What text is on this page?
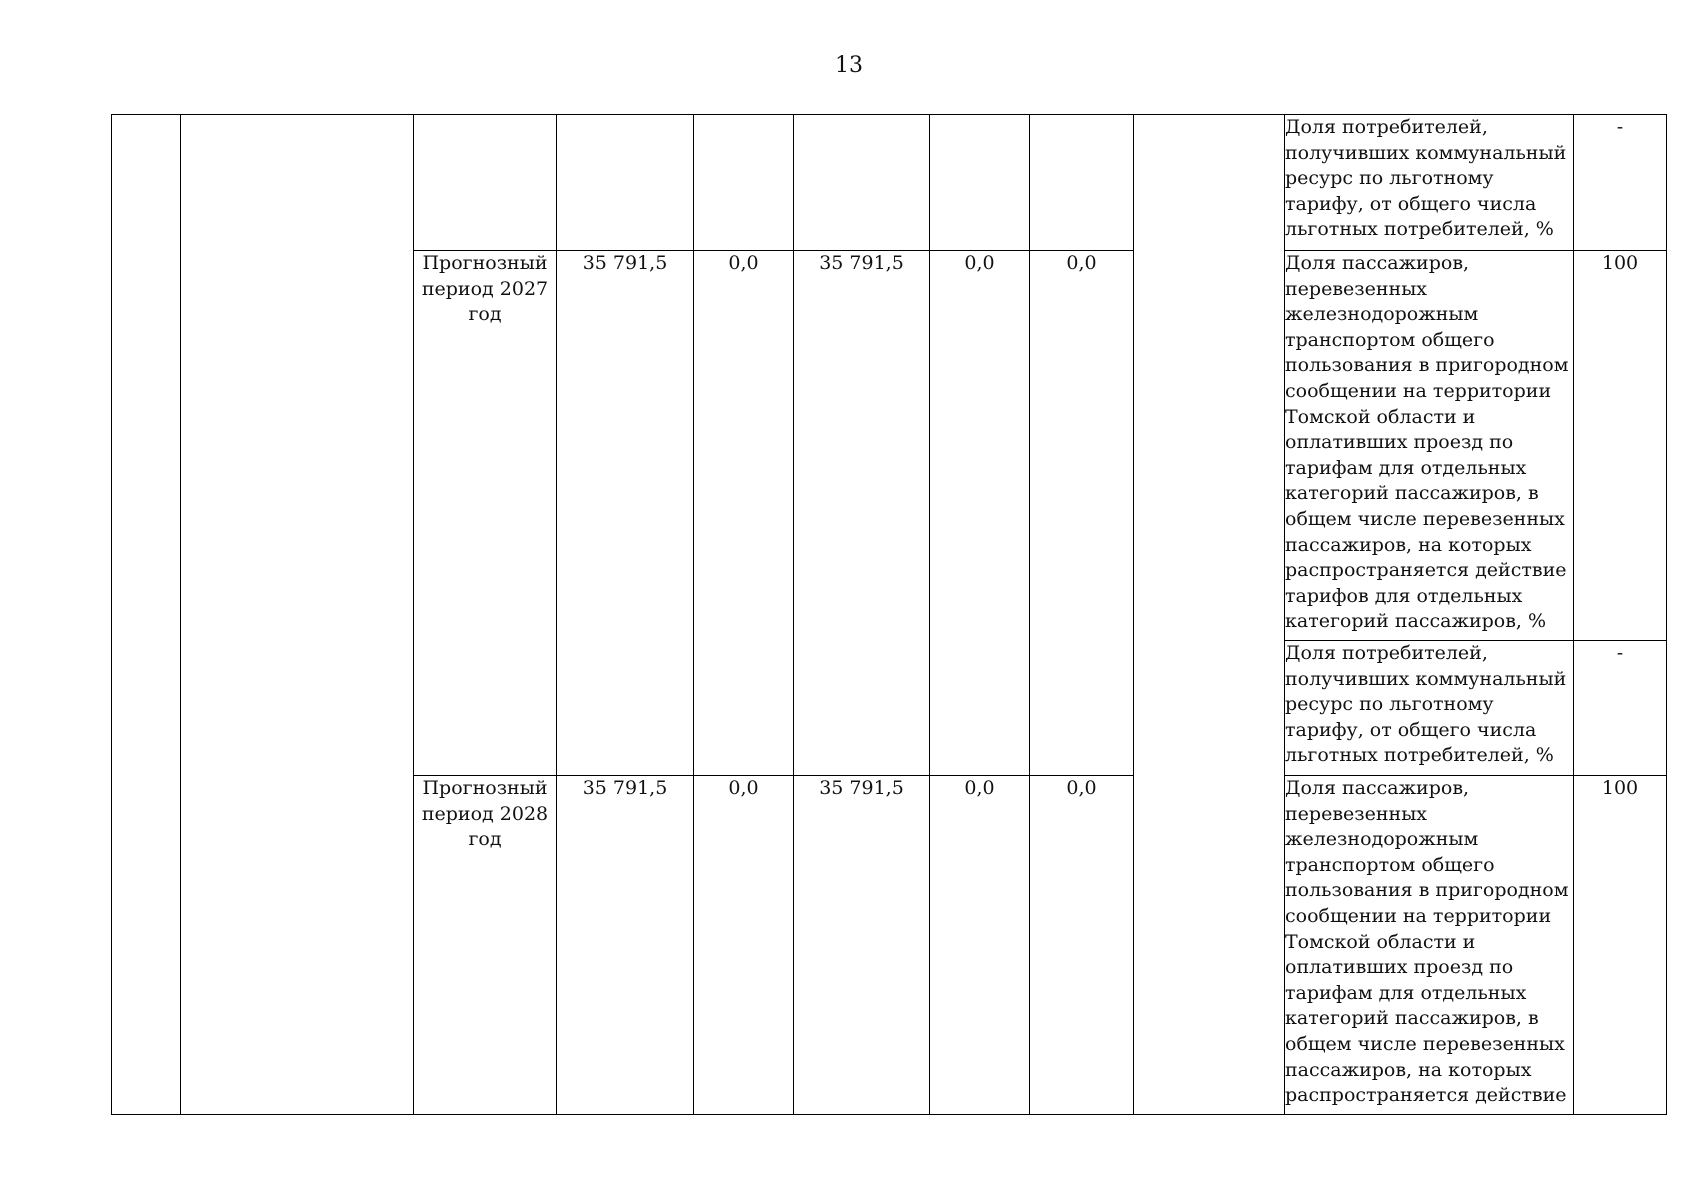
13
									Доля потребителей, получивших коммунальный ресурс по льготному тарифу, от общего числа льготных потребителей, %	-
		Прогнозный период 2027 год	35 791,5	0,0	35 791,5	0,0	0,0		Доля пассажиров, перевезенных железнодорожным транспортом общего пользования в пригородном сообщении на территории Томской области и оплативших проезд по тарифам для отдельных категорий пассажиров, в общем числе перевезенных пассажиров, на которых распространяется действие тарифов для отдельных категорий пассажиров, %	100
									Доля потребителей, получивших коммунальный ресурс по льготному тарифу, от общего числа льготных потребителей, %	-
		Прогнозный период 2028 год	35 791,5	0,0	35 791,5	0,0	0,0		Доля пассажиров, перевезенных железнодорожным транспортом общего пользования в пригородном сообщении на территории Томской области и оплативших проезд по тарифам для отдельных категорий пассажиров, в общем числе перевезенных пассажиров, на которых распространяется действие	100
